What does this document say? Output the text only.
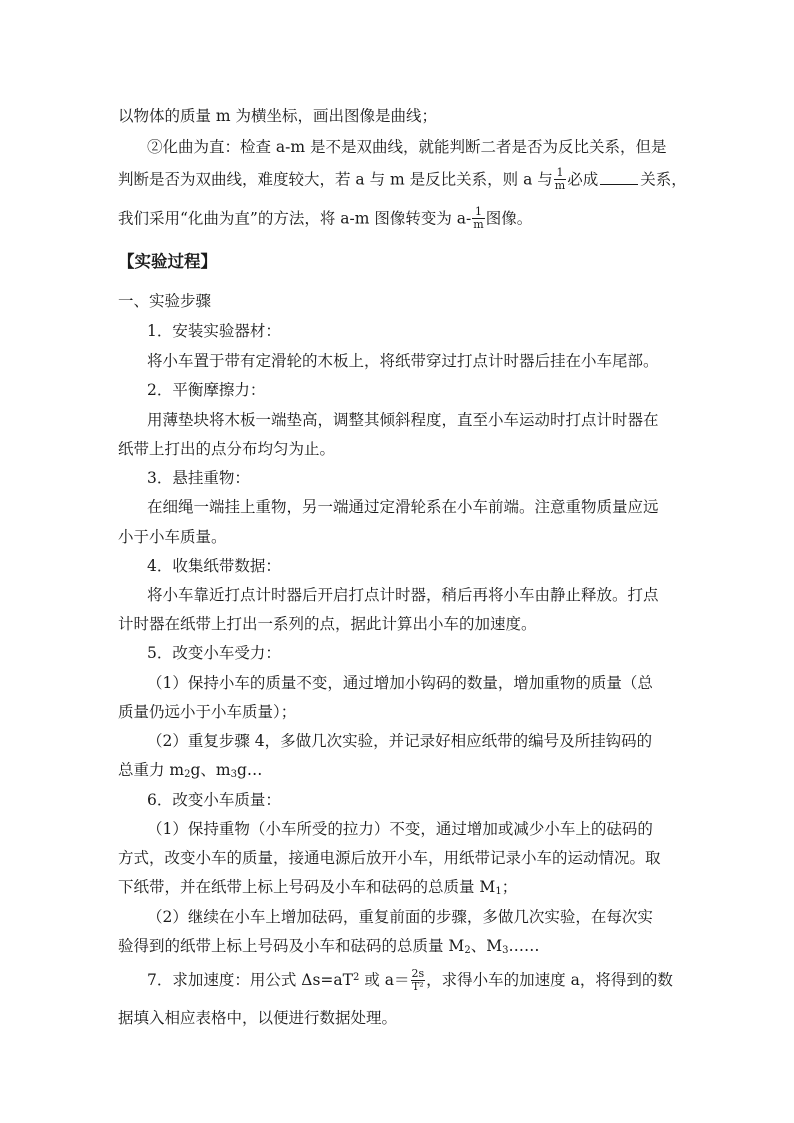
以物体的质量 m 为横坐标，画出图像是曲线；
②化曲为直：检查 a-m 是不是双曲线，就能判断二者是否为反比关系，但是
判断是否为双曲线，难度较大，若 a 与 m 是反比关系，则 a 与 $\frac{1}{m}$ 必成	关系，
我们采用“化曲为直”的方法，将 a-m 图像转变为 $a- \frac{1}{m}$ 图像。
【实验过程】
一、实验步骤
1．安装实验器材：
将小车置于带有定滑轮的木板上，将纸带穿过打点计时器后挂在小车尾部。
2．平衡摩擦力：
用薄垫块将木板一端垫高，调整其倾斜程度，直至小车运动时打点计时器在
纸带上打出的点分布均匀为止。
3．悬挂重物：
在细绳一端挂上重物，另一端通过定滑轮系在小车前端。注意重物质量应远
小于小车质量。
4．收集纸带数据：
将小车靠近打点计时器后开启打点计时器，稍后再将小车由静止释放。打点
计时器在纸带上打出一系列的点，据此计算出小车的加速度。
5．改变小车受力：
（1）保持小车的质量不变，通过增加小钩码的数量，增加重物的质量（总
质量仍远小于小车质量）；
（2）重复步骤 4，多做几次实验，并记录好相应纸带的编号及所挂钩码的
总重力 $m_2g$、$m_3g\dots$
6．改变小车质量：
（1）保持重物（小车所受的拉力）不变，通过增加或减少小车上的砝码的
方式，改变小车的质量，接通电源后放开小车，用纸带记录小车的运动情况。取
下纸带，并在纸带上标上号码及小车和砝码的总质量 $M_1$；
（2）继续在小车上增加砝码，重复前面的步骤，多做几次实验，在每次实
验得到的纸带上标上号码及小车和砝码的总质量 $M_2$、$M_3\dots\dots$
7．求加速度：用公式 $\Delta s=aT^2$ 或 $a= \frac{2s}{\text{T²}}$ ，求得小车的加速度 a，将得到的数
据填入相应表格中，以便进行数据处理。
